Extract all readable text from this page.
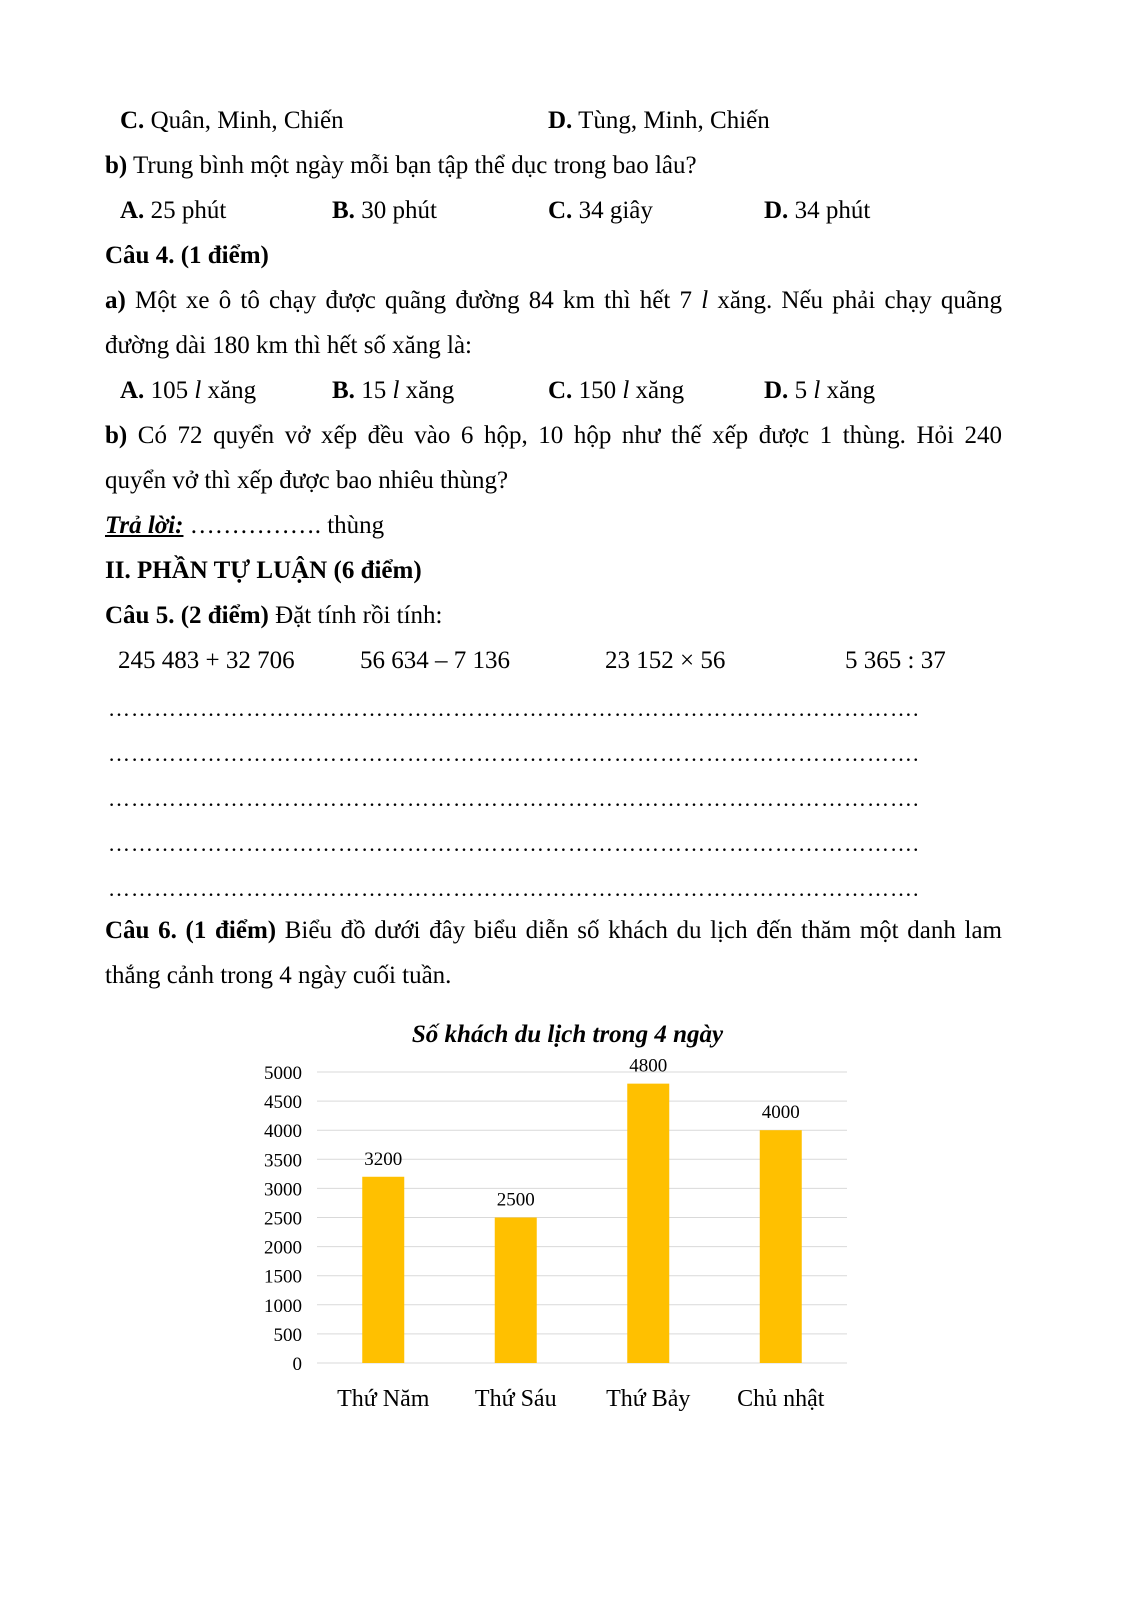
C. Quân, Minh, Chiến	D. Tùng, Minh, Chiến
b) Trung bình một ngày mỗi bạn tập thể dục trong bao lâu?
A. 25 phút	B. 30 phút	C. 34 giây	D. 34 phút
Câu 4. (1 điểm)
a) Một xe ô tô chạy được quãng đường 84 km thì hết 7 l xăng. Nếu phải chạy quãng
đường dài 180 km thì hết số xăng là:
A. 105 l xăng	B. 15 l xăng	C. 150 l xăng	D. 5 l xăng
b) Có 72 quyển vở xếp đều vào 6 hộp, 10 hộp như thế xếp được 1 thùng. Hỏi 240
quyển vở thì xếp được bao nhiêu thùng?
Trả lời: ……………. thùng
II. PHẦN TỰ LUẬN (6 điểm)
Câu 5. (2 điểm) Đặt tính rồi tính:
245 483 + 32 706	56 634 – 7 136	23 152 × 56	5 365 : 37
…………………………………………………………………………………………….
…………………………………………………………………………………………….
…………………………………………………………………………………………….
…………………………………………………………………………………………….
…………………………………………………………………………………………….
Câu 6. (1 điểm) Biểu đồ dưới đây biểu diễn số khách du lịch đến thăm một danh lam
thắng cảnh trong 4 ngày cuối tuần.
Số khách du lịch trong 4 ngày
0
500
1000
1500
2000
2500
3000
3500
4000
4500
5000
3200
Thứ Năm
2500
Thứ Sáu
4800
Thứ Bảy
4000
Chủ nhật
